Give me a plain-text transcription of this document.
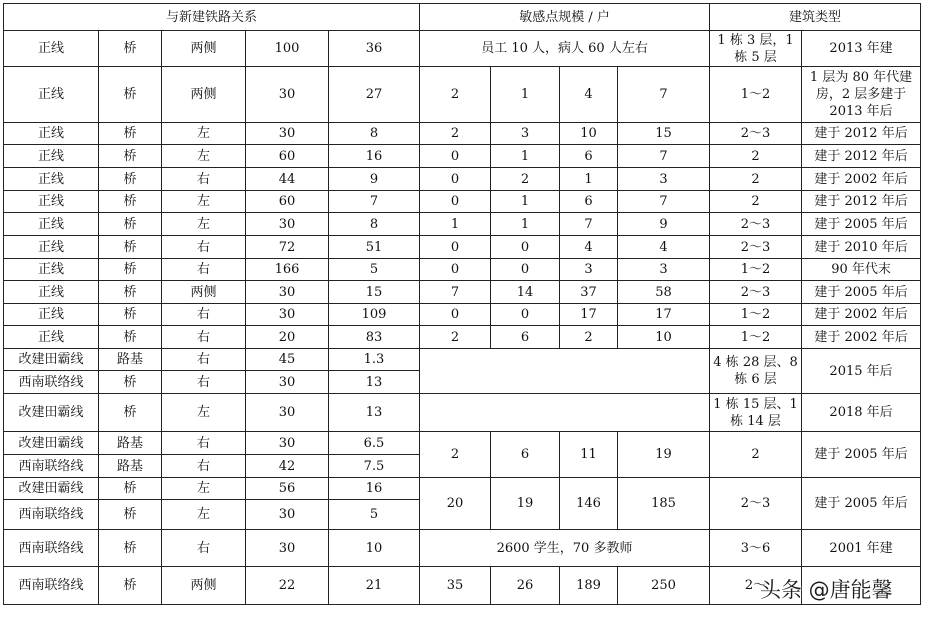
与新建铁路关系					敏感点规模 / 户				建筑类型	
正线	桥	两侧	100	36	员工 10 人，病人 60 人左右				1 栋 3 层，1 栋 5 层	2013 年建
正线	桥	两侧	30	27	2	1	4	7	1～2	1 层为 80 年代建房，2 层多建于 2013 年后
正线	桥	左	30	8	2	3	10	15	2～3	建于 2012 年后
正线	桥	左	60	16	0	1	6	7	2	建于 2012 年后
正线	桥	右	44	9	0	2	1	3	2	建于 2002 年后
正线	桥	左	60	7	0	1	6	7	2	建于 2012 年后
正线	桥	左	30	8	1	1	7	9	2～3	建于 2005 年后
正线	桥	右	72	51	0	0	4	4	2～3	建于 2010 年后
正线	桥	右	166	5	0	0	3	3	1～2	90 年代末
正线	桥	两侧	30	15	7	14	37	58	2～3	建于 2005 年后
正线	桥	右	30	109	0	0	17	17	1～2	建于 2002 年后
正线	桥	右	20	83	2	6	2	10	1～2	建于 2002 年后
改建田霸线	路基	右	45	1.3					4 栋 28 层、8 栋 6 层	2015 年后
西南联络线	桥	右	30	13						
改建田霸线	桥	左	30	13					1 栋 15 层、1 栋 14 层	2018 年后
改建田霸线	路基	右	30	6.5	2	6	11	19	2	建于 2005 年后
西南联络线	路基	右	42	7.5						
改建田霸线	桥	左	56	16	20	19	146	185	2～3	建于 2005 年后
西南联络线	桥	左	30	5						
西南联络线	桥	右	30	10	2600 学生，70 多教师				3～6	2001 年建
西南联络线	桥	两侧	22	21	35	26	189	250	2～	
头条 @唐能馨
